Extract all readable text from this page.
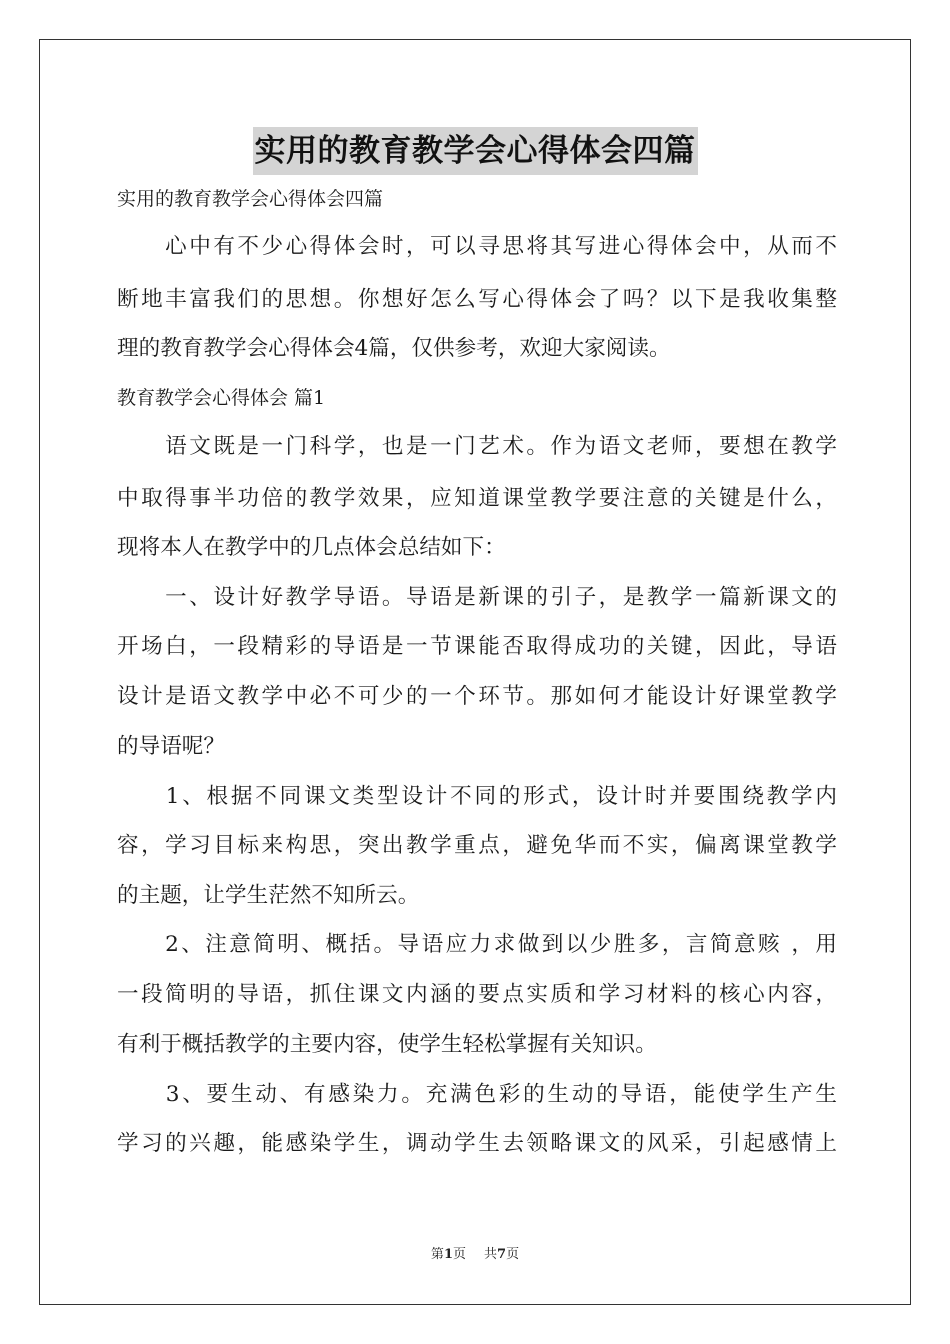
实用的教育教学会心得体会四篇
实用的教育教学会心得体会四篇
　　心中有不少心得体会时，可以寻思将其写进心得体会中，从而不
断地丰富我们的思想。你想好怎么写心得体会了吗？以下是我收集整
理的教育教学会心得体会4篇，仅供参考，欢迎大家阅读。
教育教学会心得体会 篇1
　　语文既是一门科学，也是一门艺术。作为语文老师，要想在教学
中取得事半功倍的教学效果，应知道课堂教学要注意的关键是什么，
现将本人在教学中的几点体会总结如下：
　　一、设计好教学导语。导语是新课的引子，是教学一篇新课文的
开场白，一段精彩的导语是一节课能否取得成功的关键，因此，导语
设计是语文教学中必不可少的一个环节。那如何才能设计好课堂教学
的导语呢？
　　1、根据不同课文类型设计不同的形式，设计时并要围绕教学内
容，学习目标来构思，突出教学重点，避免华而不实，偏离课堂教学
的主题，让学生茫然不知所云。
　　2、注意简明、概括。导语应力求做到以少胜多，言简意赅 ，用
一段简明的导语，抓住课文内涵的要点实质和学习材料的核心内容，
有利于概括教学的主要内容，使学生轻松掌握有关知识。
　　3、要生动、有感染力。充满色彩的生动的导语，能使学生产生
学习的兴趣，能感染学生，调动学生去领略课文的风采，引起感情上
第1页 共7页
